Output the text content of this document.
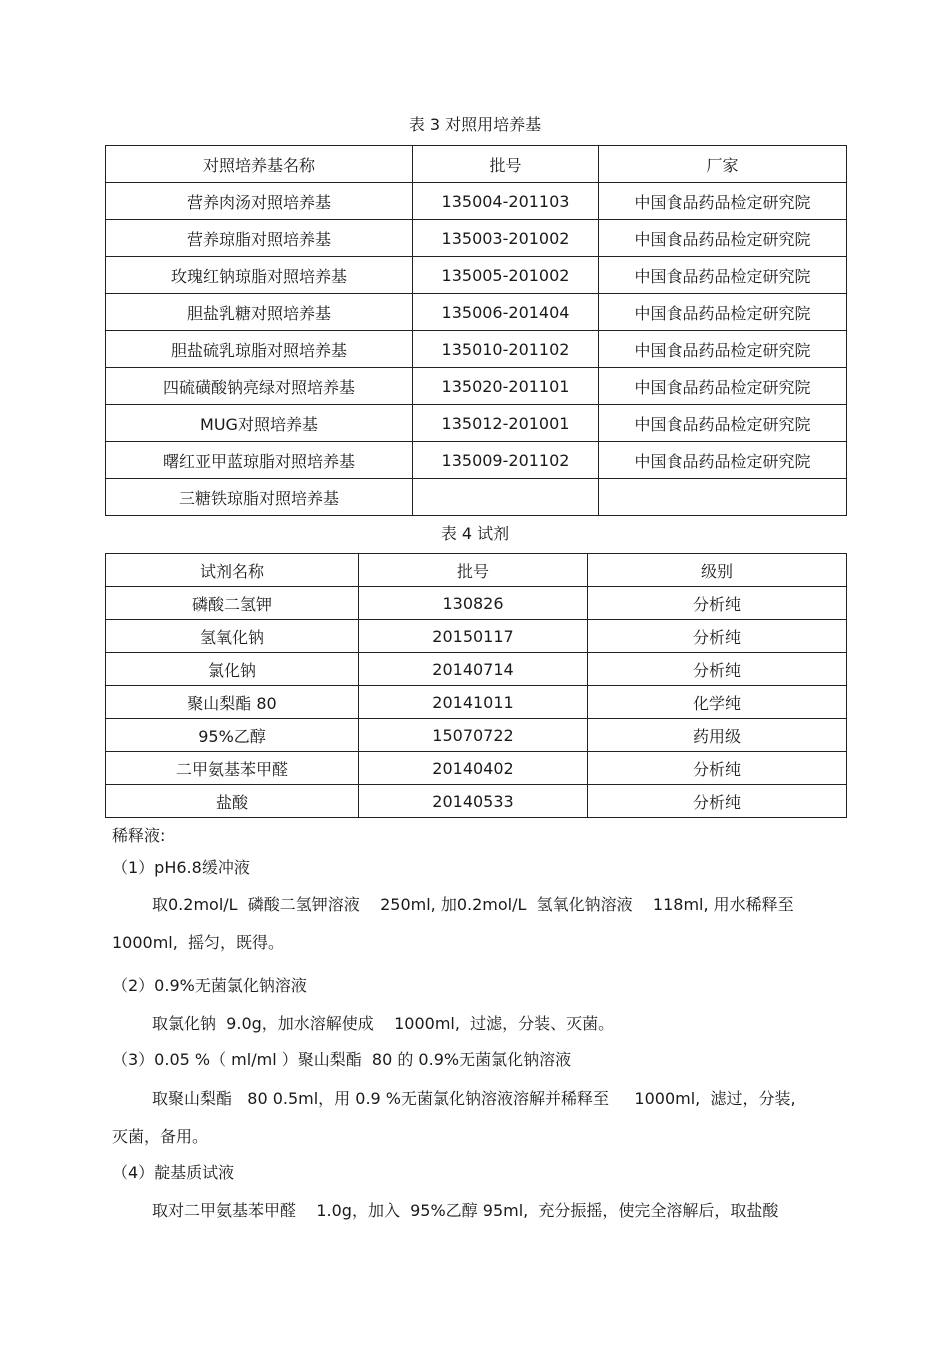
表 3 对照用培养基
对照培养基名称	批号	厂家
营养肉汤对照培养基	135004-201103	中国食品药品检定研究院
营养琼脂对照培养基	135003-201002	中国食品药品检定研究院
玫瑰红钠琼脂对照培养基	135005-201002	中国食品药品检定研究院
胆盐乳糖对照培养基	135006-201404	中国食品药品检定研究院
胆盐硫乳琼脂对照培养基	135010-201102	中国食品药品检定研究院
四硫磺酸钠亮绿对照培养基	135020-201101	中国食品药品检定研究院
MUG对照培养基	135012-201001	中国食品药品检定研究院
曙红亚甲蓝琼脂对照培养基	135009-201102	中国食品药品检定研究院
三糖铁琼脂对照培养基		
表 4 试剂
试剂名称	批号	级别
磷酸二氢钾	130826	分析纯
氢氧化钠	20150117	分析纯
氯化钠	20140714	分析纯
聚山梨酯 80	20141011	化学纯
95%乙醇	15070722	药用级
二甲氨基苯甲醛	20140402	分析纯
盐酸	20140533	分析纯
稀释液:
（1）pH6.8缓冲液
取0.2mol/L  磷酸二氢钾溶液    250ml, 加0.2mol/L  氢氧化钠溶液    118ml, 用水稀释至
1000ml,  摇匀，既得。
（2）0.9%无菌氯化钠溶液
取氯化钠  9.0g，加水溶解使成    1000ml,  过滤，分装、灭菌。
（3）0.05 %（ ml/ml ）聚山梨酯  80 的 0.9%无菌氯化钠溶液
取聚山梨酯   80 0.5ml，用 0.9 %无菌氯化钠溶液溶解并稀释至     1000ml,  滤过，分装,
灭菌，备用。
（4）靛基质试液
取对二甲氨基苯甲醛    1.0g，加入  95%乙醇 95ml,  充分振摇，使完全溶解后，取盐酸
